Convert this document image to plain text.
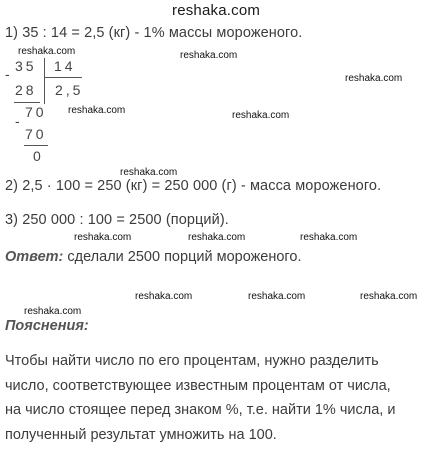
reshaka.com
1) 35 : 14 = 2,5 (кг) - 1% массы мороженого.
- 35 14
28 2,5
-
70
70
0
reshaka.com	reshaka.com
reshaka.com
reshaka.com	reshaka.com
reshaka.com
reshaka.com	reshaka.com	reshaka.com
reshaka.com	reshaka.com	reshaka.com
reshaka.com
2) 2,5 · 100 = 250 (кг) = 250 000 (г) - масса мороженого.
3) 250 000 : 100 = 2500 (порций).
Ответ: сделали 2500 порций мороженого.
Пояснения:
Чтобы найти число по его процентам, нужно разделить
число, соответствующее известным процентам от числа,
на число стоящее перед знаком %, т.е. найти 1% числа, и
полученный результат умножить на 100.
